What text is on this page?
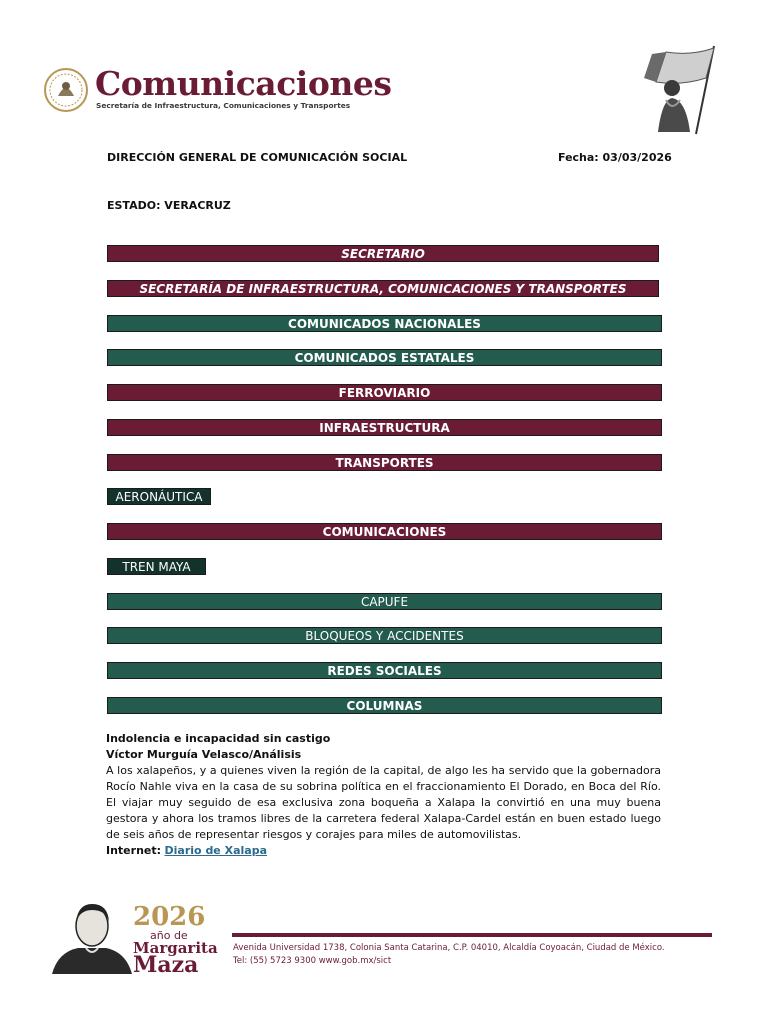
Comunicaciones
Secretaría de Infraestructura, Comunicaciones y Transportes
DIRECCIÓN GENERAL DE COMUNICACIÓN SOCIAL	Fecha: 03/03/2026
ESTADO: VERACRUZ
SECRETARIO
SECRETARÍA DE INFRAESTRUCTURA, COMUNICACIONES Y TRANSPORTES
COMUNICADOS NACIONALES
COMUNICADOS ESTATALES
FERROVIARIO
INFRAESTRUCTURA
TRANSPORTES
AERONÁUTICA
COMUNICACIONES
TREN MAYA
CAPUFE
BLOQUEOS Y ACCIDENTES
REDES SOCIALES
COLUMNAS
Indolencia e incapacidad sin castigo
Víctor Murguía Velasco/Análisis
A los xalapeños, y a quienes viven la región de la capital, de algo les ha servido que la gobernadora Rocío Nahle viva en la casa de su sobrina política en el fraccionamiento El Dorado, en Boca del Río. El viajar muy seguido de esa exclusiva zona boqueña a Xalapa la convirtió en una muy buena gestora y ahora los tramos libres de la carretera federal Xalapa-Cardel están en buen estado luego de seis años de representar riesgos y corajes para miles de automovilistas.
Internet: Diario de Xalapa
2026
año de
Margarita
Maza
Avenida Universidad 1738, Colonia Santa Catarina, C.P. 04010, Alcaldía Coyoacán, Ciudad de México.
Tel: (55) 5723 9300 www.gob.mx/sict
